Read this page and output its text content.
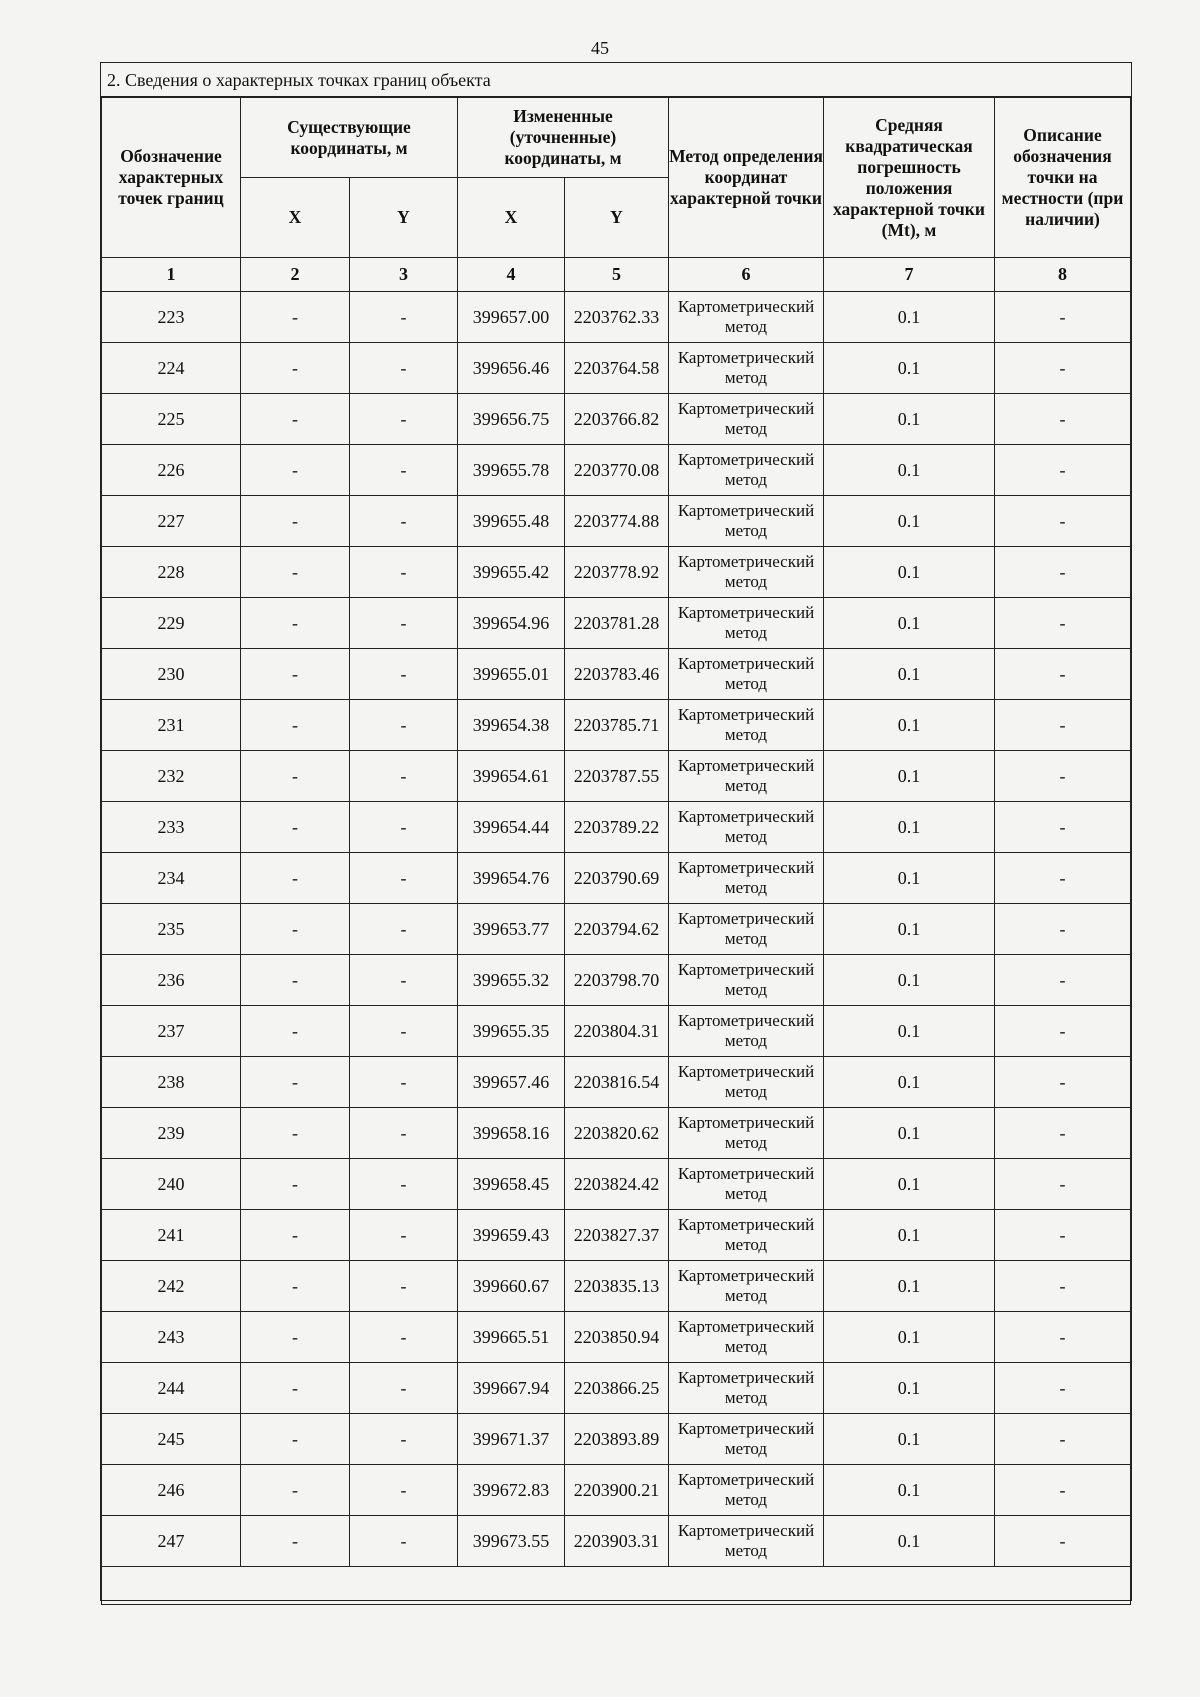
45
2. Сведения о характерных точках границ объекта
Обозначение характерных точек границ	Существующие координаты, м		Измененные (уточненные) координаты, м		Метод определения координат характерной точки	Средняя квадратическая погрешность положения характерной точки (Mt), м	Описание обозначения точки на местности (при наличии)
	X	Y	X	Y			
1	2	3	4	5	6	7	8
223	-	-	399657.00	2203762.33	Картометрический метод	0.1	-
224	-	-	399656.46	2203764.58	Картометрический метод	0.1	-
225	-	-	399656.75	2203766.82	Картометрический метод	0.1	-
226	-	-	399655.78	2203770.08	Картометрический метод	0.1	-
227	-	-	399655.48	2203774.88	Картометрический метод	0.1	-
228	-	-	399655.42	2203778.92	Картометрический метод	0.1	-
229	-	-	399654.96	2203781.28	Картометрический метод	0.1	-
230	-	-	399655.01	2203783.46	Картометрический метод	0.1	-
231	-	-	399654.38	2203785.71	Картометрический метод	0.1	-
232	-	-	399654.61	2203787.55	Картометрический метод	0.1	-
233	-	-	399654.44	2203789.22	Картометрический метод	0.1	-
234	-	-	399654.76	2203790.69	Картометрический метод	0.1	-
235	-	-	399653.77	2203794.62	Картометрический метод	0.1	-
236	-	-	399655.32	2203798.70	Картометрический метод	0.1	-
237	-	-	399655.35	2203804.31	Картометрический метод	0.1	-
238	-	-	399657.46	2203816.54	Картометрический метод	0.1	-
239	-	-	399658.16	2203820.62	Картометрический метод	0.1	-
240	-	-	399658.45	2203824.42	Картометрический метод	0.1	-
241	-	-	399659.43	2203827.37	Картометрический метод	0.1	-
242	-	-	399660.67	2203835.13	Картометрический метод	0.1	-
243	-	-	399665.51	2203850.94	Картометрический метод	0.1	-
244	-	-	399667.94	2203866.25	Картометрический метод	0.1	-
245	-	-	399671.37	2203893.89	Картометрический метод	0.1	-
246	-	-	399672.83	2203900.21	Картометрический метод	0.1	-
247	-	-	399673.55	2203903.31	Картометрический метод	0.1	-
